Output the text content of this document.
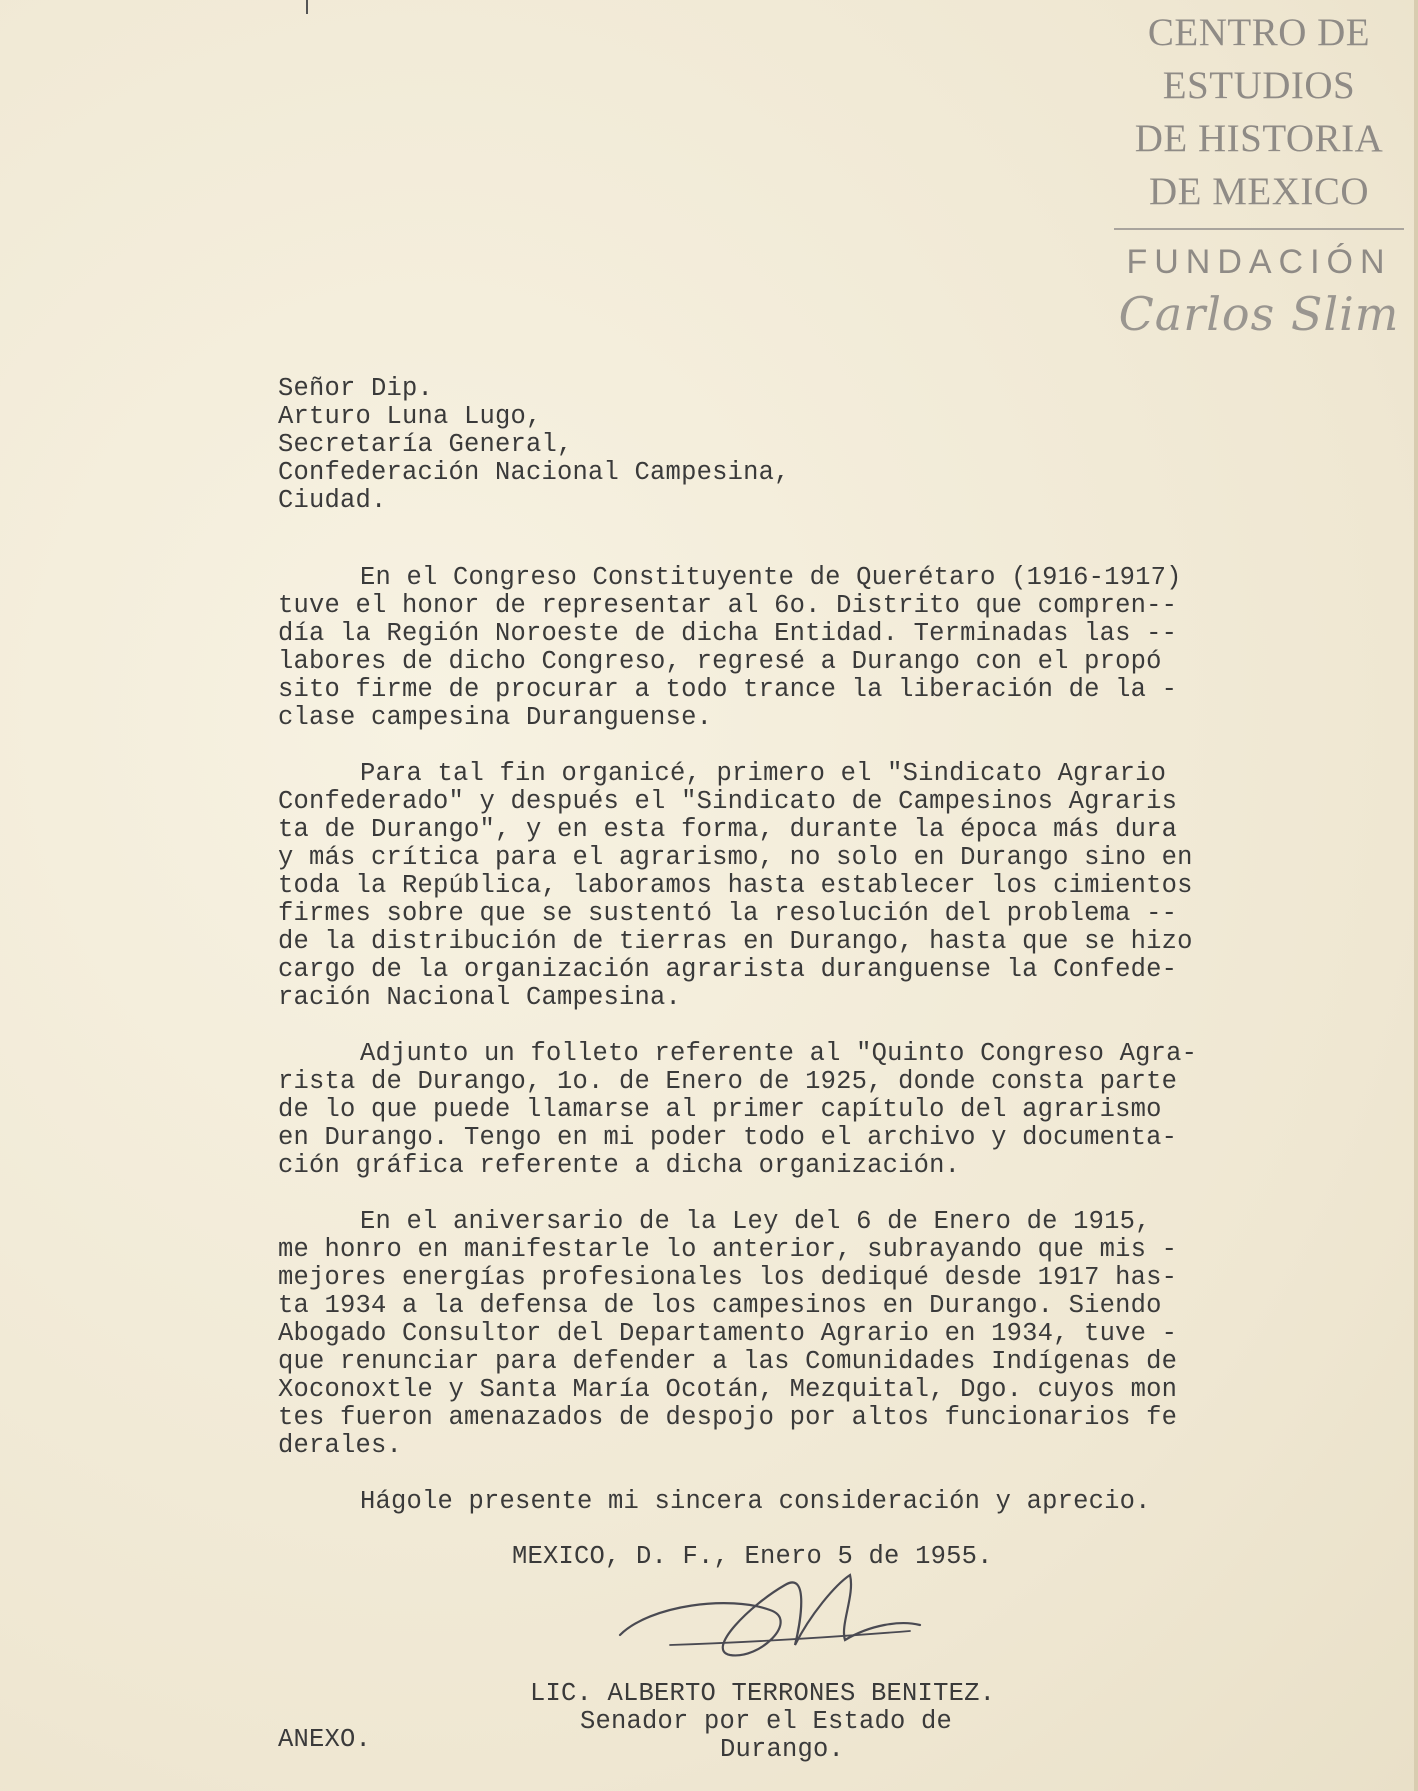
CENTRO DE
ESTUDIOS
DE HISTORIA
DE MEXICO
FUNDACIÓN
Carlos Slim
Señor Dip.
Arturo Luna Lugo,
Secretaría General,
Confederación Nacional Campesina,
Ciudad.
En el Congreso Constituyente de Querétaro (1916-1917)
tuve el honor de representar al 6o. Distrito que compren--
día la Región Noroeste de dicha Entidad. Terminadas las --
labores de dicho Congreso, regresé a Durango con el propó
sito firme de procurar a todo trance la liberación de la -
clase campesina Duranguense.
Para tal fin organicé, primero el "Sindicato Agrario
Confederado" y después el "Sindicato de Campesinos Agraris
ta de Durango", y en esta forma, durante la época más dura
y más crítica para el agrarismo, no solo en Durango sino en
toda la República, laboramos hasta establecer los cimientos
firmes sobre que se sustentó la resolución del problema --
de la distribución de tierras en Durango, hasta que se hizo
cargo de la organización agrarista duranguense la Confede-
ración Nacional Campesina.
Adjunto un folleto referente al "Quinto Congreso Agra-
rista de Durango, 1o. de Enero de 1925, donde consta parte
de lo que puede llamarse al primer capítulo del agrarismo
en Durango. Tengo en mi poder todo el archivo y documenta-
ción gráfica referente a dicha organización.
En el aniversario de la Ley del 6 de Enero de 1915,
me honro en manifestarle lo anterior, subrayando que mis -
mejores energías profesionales los dediqué desde 1917 has-
ta 1934 a la defensa de los campesinos en Durango. Siendo
Abogado Consultor del Departamento Agrario en 1934, tuve -
que renunciar para defender a las Comunidades Indígenas de
Xoconoxtle y Santa María Ocotán, Mezquital, Dgo. cuyos mon
tes fueron amenazados de despojo por altos funcionarios fe
derales.
Hágole presente mi sincera consideración y aprecio.
MEXICO, D. F., Enero 5 de 1955.
LIC. ALBERTO TERRONES BENITEZ.
Senador por el Estado de
Durango.
ANEXO.
